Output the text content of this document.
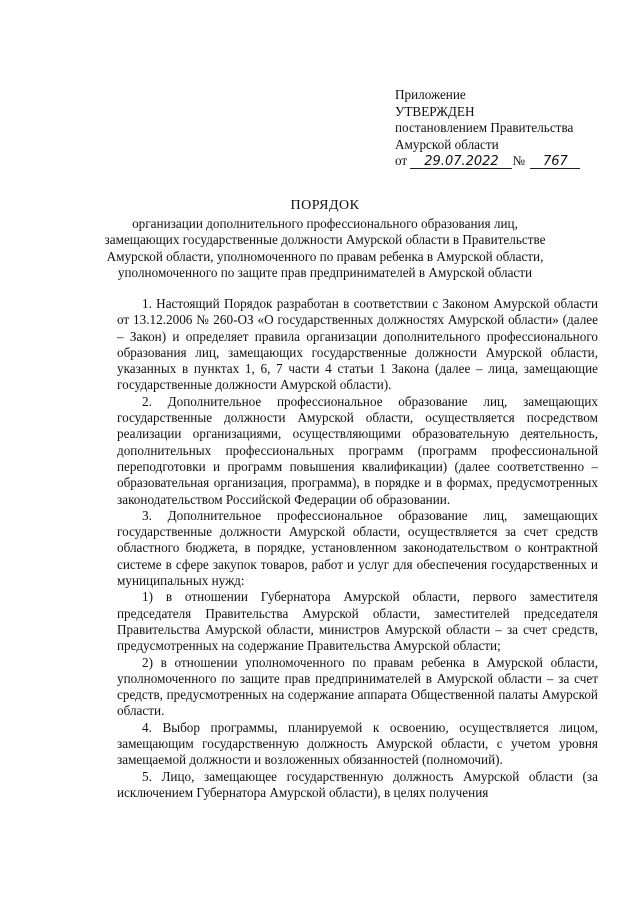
Приложение
УТВЕРЖДЕН
постановлением Правительства
Амурской области
от 29.07.2022 № 767
ПОРЯДОК
организации дополнительного профессионального образования лиц, замещающих государственные должности Амурской области в Правительстве Амурской области, уполномоченного по правам ребенка в Амурской области, уполномоченного по защите прав предпринимателей в Амурской области

1. Настоящий Порядок разработан в соответствии с Законом Амурской области от 13.12.2006 № 260-ОЗ «О государственных должностях Амурской области» (далее – Закон) и определяет правила организации дополнительного профессионального образования лиц, замещающих государственные должности Амурской области, указанных в пунктах 1, 6, 7 части 4 статьи 1 Закона (далее – лица, замещающие государственные должности Амурской области).

2. Дополнительное профессиональное образование лиц, замещающих государственные должности Амурской области, осуществляется посредством реализации организациями, осуществляющими образовательную деятельность, дополнительных профессиональных программ (программ профессиональной переподготовки и программ повышения квалификации) (далее соответственно – образовательная организация, программа), в порядке и в формах, предусмотренных законодательством Российской Федерации об образовании.

3. Дополнительное профессиональное образование лиц, замещающих государственные должности Амурской области, осуществляется за счет средств областного бюджета, в порядке, установленном законодательством о контрактной системе в сфере закупок товаров, работ и услуг для обеспечения государственных и муниципальных нужд:

1) в отношении Губернатора Амурской области, первого заместителя председателя Правительства Амурской области, заместителей председателя Правительства Амурской области, министров Амурской области – за счет средств, предусмотренных на содержание Правительства Амурской области;

2) в отношении уполномоченного по правам ребенка в Амурской области, уполномоченного по защите прав предпринимателей в Амурской области – за счет средств, предусмотренных на содержание аппарата Общественной палаты Амурской области.

4. Выбор программы, планируемой к освоению, осуществляется лицом, замещающим государственную должность Амурской области, с учетом уровня замещаемой должности и возложенных обязанностей (полномочий).

5. Лицо, замещающее государственную должность Амурской области (за исключением Губернатора Амурской области), в целях получения
